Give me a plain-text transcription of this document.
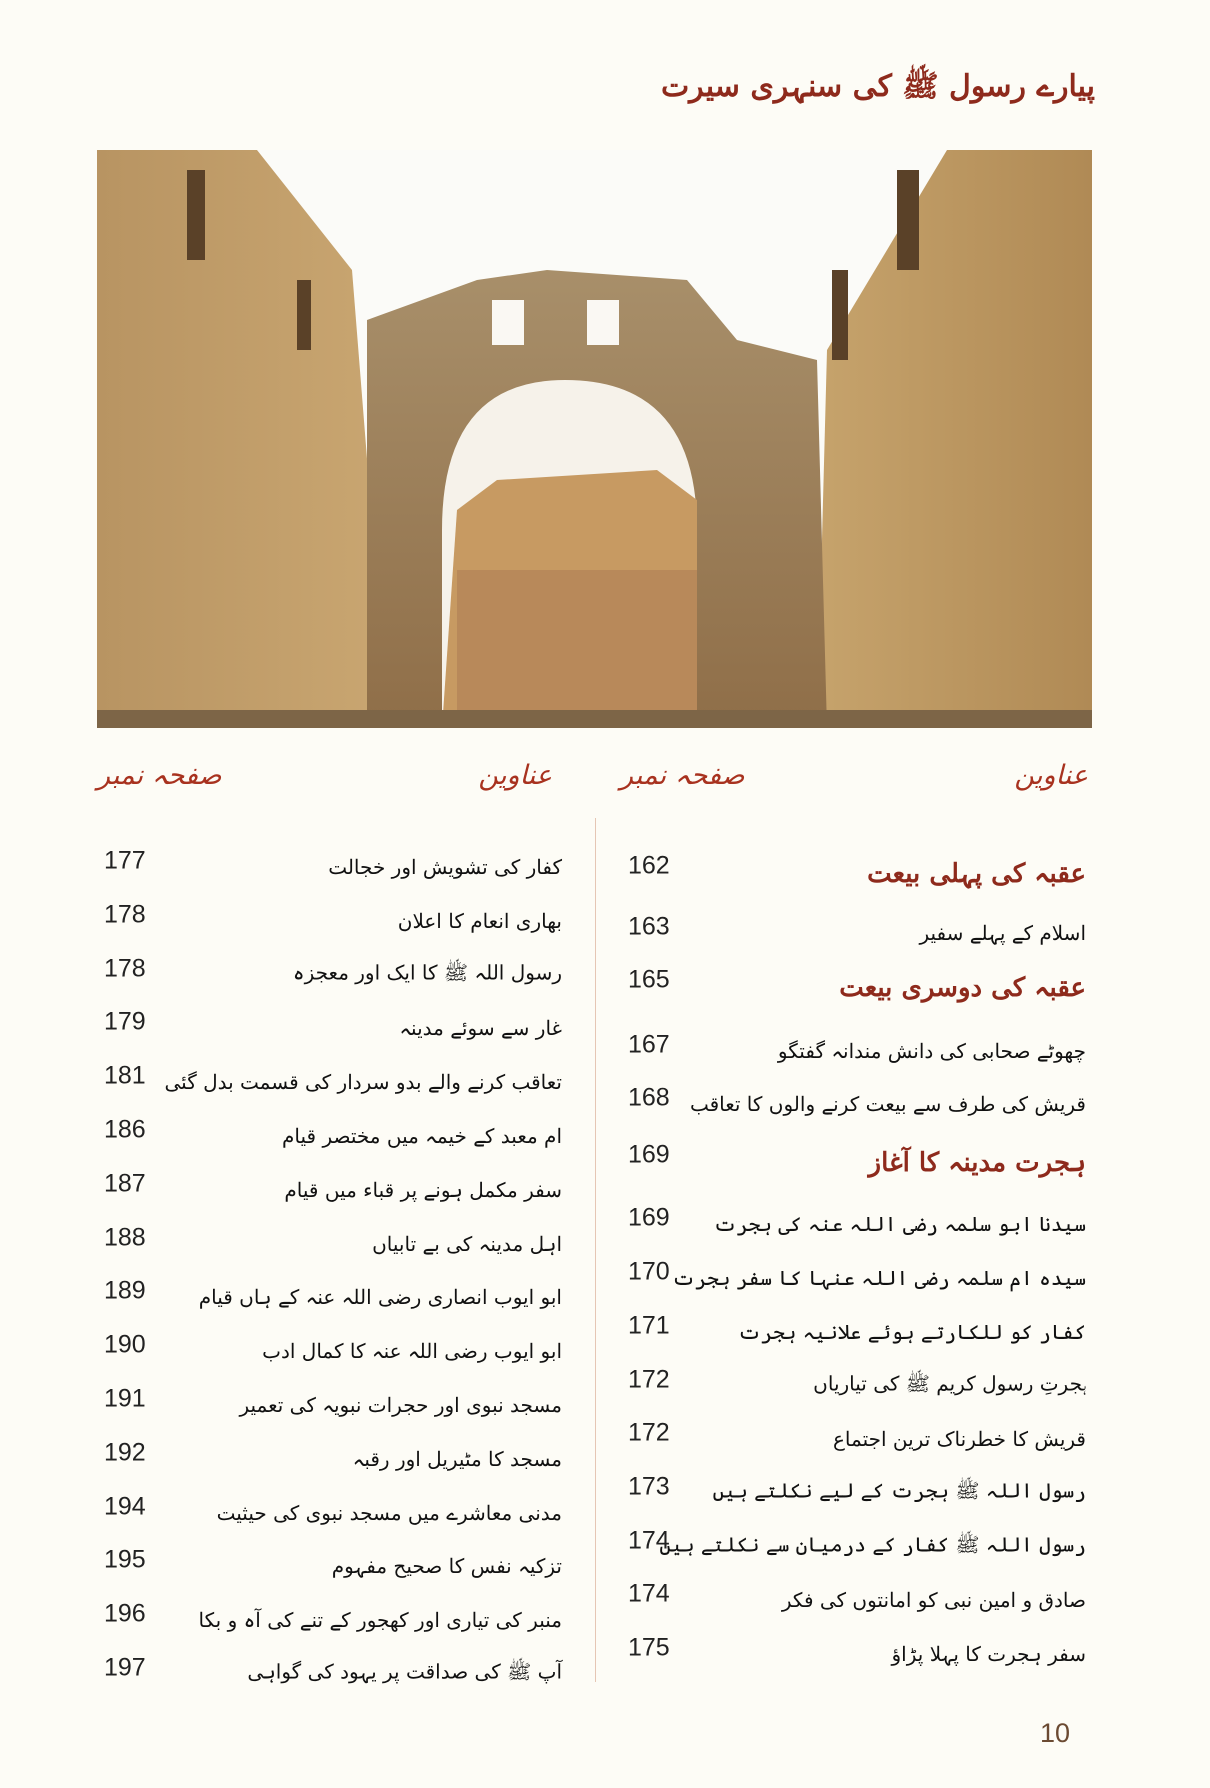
پیارے رسول ﷺ کی سنہری سیرت
عناوین
صفحہ نمبر
عناوین
صفحہ نمبر
عقبہ کی پہلی بیعت
162
اسلام کے پہلے سفیر
163
عقبہ کی دوسری بیعت
165
چھوٹے صحابی کی دانش مندانہ گفتگو
167
قریش کی طرف سے بیعت کرنے والوں کا تعاقب
168
ہجرت مدینہ کا آغاز
169
سیدنا ابو سلمہ رضی اللہ عنہ کی ہجرت
169
سیدہ ام سلمہ رضی اللہ عنہا کا سفر ہجرت
170
کفار کو للکارتے ہوئے علانیہ ہجرت
171
ہجرتِ رسول کریم ﷺ کی تیاریاں
172
قریش کا خطرناک ترین اجتماع
172
رسول اللہ ﷺ ہجرت کے لیے نکلتے ہیں
173
رسول اللہ ﷺ کفار کے درمیان سے نکلتے ہیں
174
صادق و امین نبی کو امانتوں کی فکر
174
سفر ہجرت کا پہلا پڑاؤ
175
کفار کی تشویش اور خجالت
177
بھاری انعام کا اعلان
178
رسول اللہ ﷺ کا ایک اور معجزہ
178
غار سے سوئے مدینہ
179
تعاقب کرنے والے بدو سردار کی قسمت بدل گئی
181
ام معبد کے خیمہ میں مختصر قیام
186
سفر مکمل ہونے پر قباء میں قیام
187
اہل مدینہ کی بے تابیاں
188
ابو ایوب انصاری رضی اللہ عنہ کے ہاں قیام
189
ابو ایوب رضی اللہ عنہ کا کمال ادب
190
مسجد نبوی اور حجرات نبویہ کی تعمیر
191
مسجد کا مٹیریل اور رقبہ
192
مدنی معاشرے میں مسجد نبوی کی حیثیت
194
تزکیہ نفس کا صحیح مفہوم
195
منبر کی تیاری اور کھجور کے تنے کی آہ و بکا
196
آپ ﷺ کی صداقت پر یہود کی گواہی
197
10
